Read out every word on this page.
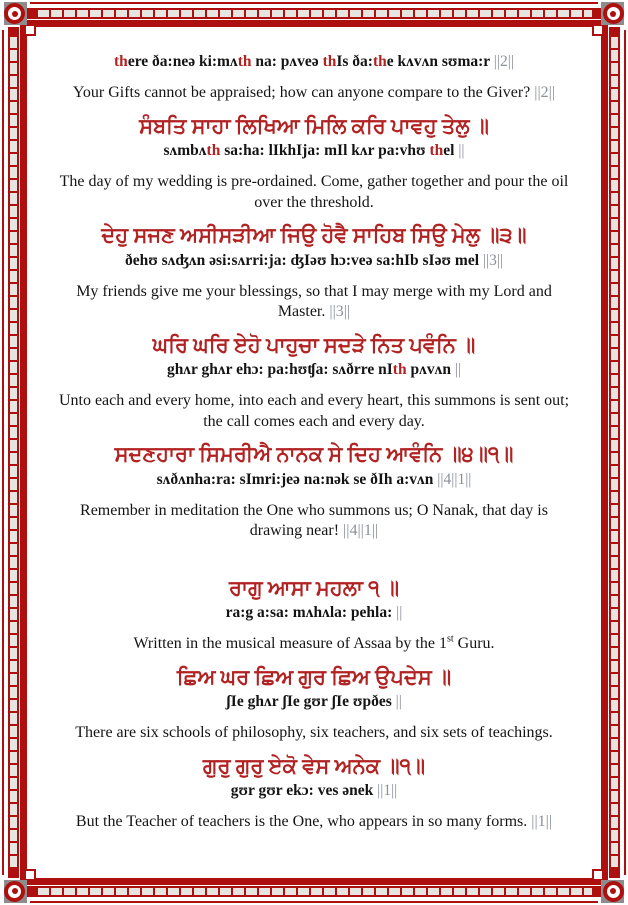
there ða:neə ki:mʌth na: pʌveə thIs ða:the kʌvʌn sʊma:r ||2||
Your Gifts cannot be appraised; how can anyone compare to the Giver? ||2||
ਸੰਬਤਿ ਸਾਹਾ ਲਿਖਿਆ ਮਿਲਿ ਕਰਿ ਪਾਵਹੁ ਤੇਲੁ ॥
sʌmbʌth sa:ha: lIkhIja: mIl kʌr pa:vhʊ thel ||
The day of my wedding is pre-ordained. Come, gather together and pour the oil over the threshold.
ਦੇਹੁ ਸਜਣ ਅਸੀਸੜੀਆ ਜਿਉ ਹੋਵੈ ਸਾਹਿਬ ਸਿਉ ਮੇਲੁ ॥੩॥
ðehʊ sʌʤʌn əsi:sʌrri:ja: ʤIəʊ hɔ:veə sa:hIb sIəʊ mel ||3||
My friends give me your blessings, so that I may merge with my Lord and Master. ||3||
ਘਰਿ ਘਰਿ ਏਹੋ ਪਾਹੁਚਾ ਸਦੜੇ ਨਿਤ ਪਵੰਨਿ ॥
ghʌr ghʌr ehɔ: pa:hʊʧa: sʌðrre nIth pʌvʌn ||
Unto each and every home, into each and every heart, this summons is sent out; the call comes each and every day.
ਸਦਣਹਾਰਾ ਸਿਮਰੀਐ ਨਾਨਕ ਸੇ ਦਿਹ ਆਵੰਨਿ ॥੪॥੧॥
sʌðʌnha:ra: sImri:jeə na:nək se ðIh a:vʌn ||4||1||
Remember in meditation the One who summons us; O Nanak, that day is drawing near! ||4||1||
ਰਾਗੁ ਆਸਾ ਮਹਲਾ ੧ ॥
ra:g a:sa: mʌhʌla: pehla: ||
Written in the musical measure of Assaa by the 1st Guru.
ਛਿਅ ਘਰ ਛਿਅ ਗੁਰ ਛਿਅ ਉਪਦੇਸ ॥
ʃIe ghʌr ʃIe gʊr ʃIe ʊpðes ||
There are six schools of philosophy, six teachers, and six sets of teachings.
ਗੁਰੁ ਗੁਰੁ ਏਕੋ ਵੇਸ ਅਨੇਕ ॥੧॥
gʊr gʊr ekɔ: ves ənek ||1||
But the Teacher of teachers is the One, who appears in so many forms. ||1||
